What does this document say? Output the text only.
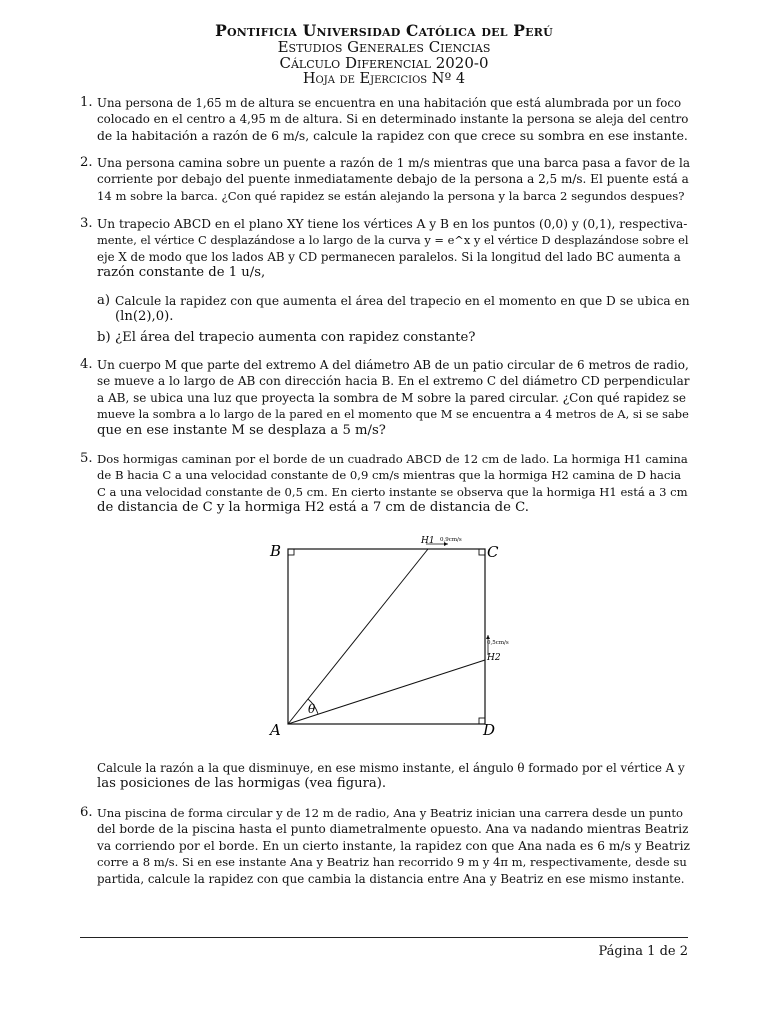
Pontificia Universidad Católica del Perú
Estudios Generales Ciencias
Cálculo Diferencial 2020-0
Hoja de Ejercicios Nº 4
1. Una persona de 1,65 m de altura se encuentra en una habitación que está alumbrada por un foco
colocado en el centro a 4,95 m de altura. Si en determinado instante la persona se aleja del centro
de la habitación a razón de 6 m/s, calcule la rapidez con que crece su sombra en ese instante.
2. Una persona camina sobre un puente a razón de 1 m/s mientras que una barca pasa a favor de la
corriente por debajo del puente inmediatamente debajo de la persona a 2,5 m/s. El puente está a
14 m sobre la barca. ¿Con qué rapidez se están alejando la persona y la barca 2 segundos despues?
3. Un trapecio ABCD en el plano XY tiene los vértices A y B en los puntos (0,0) y (0,1), respectiva-
mente, el vértice C desplazándose a lo largo de la curva y = e^x y el vértice D desplazándose sobre el
eje X de modo que los lados AB y CD permanecen paralelos. Si la longitud del lado BC aumenta a
razón constante de 1 u/s,
a) Calcule la rapidez con que aumenta el área del trapecio en el momento en que D se ubica en
(ln(2),0).
b) ¿El área del trapecio aumenta con rapidez constante?
4. Un cuerpo M que parte del extremo A del diámetro AB de un patio circular de 6 metros de radio,
se mueve a lo largo de AB con dirección hacia B. En el extremo C del diámetro CD perpendicular
a AB, se ubica una luz que proyecta la sombra de M sobre la pared circular. ¿Con qué rapidez se
mueve la sombra a lo largo de la pared en el momento que M se encuentra a 4 metros de A, si se sabe
que en ese instante M se desplaza a 5 m/s?
5. Dos hormigas caminan por el borde de un cuadrado ABCD de 12 cm de lado. La hormiga H1 camina
de B hacia C a una velocidad constante de 0,9 cm/s mientras que la hormiga H2 camina de D hacia
C a una velocidad constante de 0,5 cm. En cierto instante se observa que la hormiga H1 está a 3 cm
de distancia de C y la hormiga H2 está a 7 cm de distancia de C.
B	C
A	D
H1 0,9cm/s
H2
0,5cm/s
θ
Calcule la razón a la que disminuye, en ese mismo instante, el ángulo θ formado por el vértice A y
las posiciones de las hormigas (vea figura).
6. Una piscina de forma circular y de 12 m de radio, Ana y Beatriz inician una carrera desde un punto
del borde de la piscina hasta el punto diametralmente opuesto. Ana va nadando mientras Beatriz
va corriendo por el borde. En un cierto instante, la rapidez con que Ana nada es 6 m/s y Beatriz
corre a 8 m/s. Si en ese instante Ana y Beatriz han recorrido 9 m y 4π m, respectivamente, desde su
partida, calcule la rapidez con que cambia la distancia entre Ana y Beatriz en ese mismo instante.
Página 1 de 2
